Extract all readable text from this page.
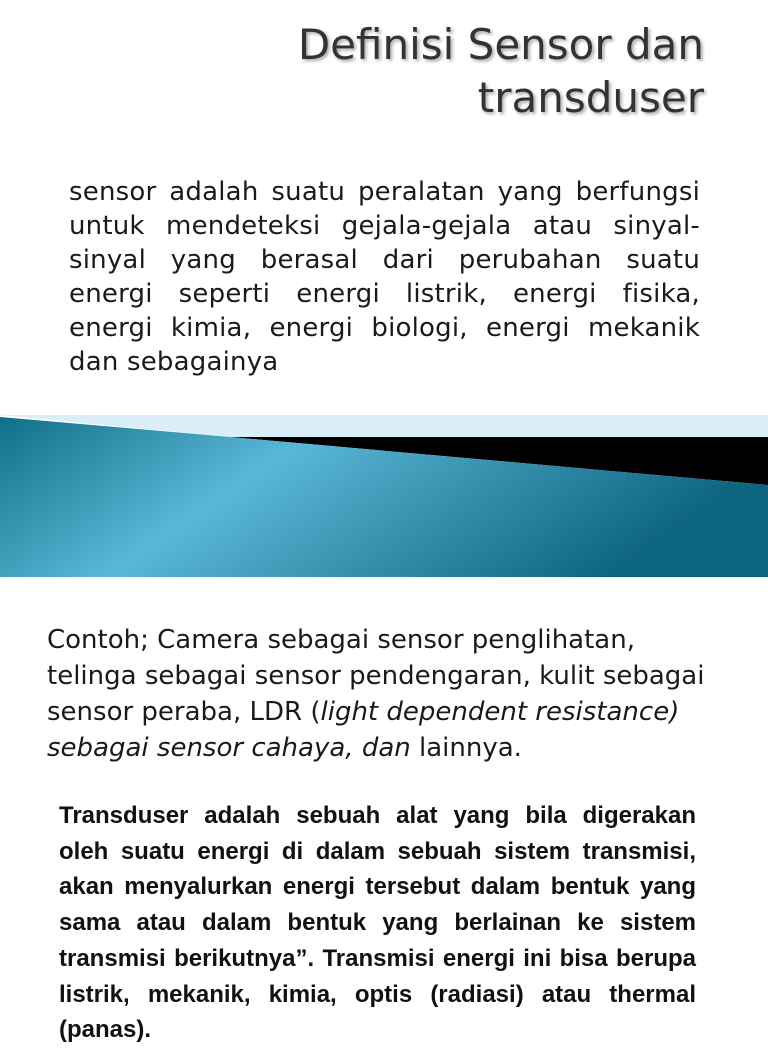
Definisi Sensor dan
transduser

sensor adalah suatu peralatan yang berfungsi untuk mendeteksi gejala-gejala atau sinyal-sinyal yang berasal dari perubahan suatu energi seperti energi listrik, energi fisika, energi kimia, energi biologi, energi mekanik dan sebagainya

Contoh; Camera sebagai sensor penglihatan, telinga sebagai sensor pendengaran, kulit sebagai sensor peraba, LDR (light dependent resistance) sebagai sensor cahaya, dan lainnya.

Transduser adalah sebuah alat yang bila digerakan oleh suatu energi di dalam sebuah sistem transmisi, akan menyalurkan energi tersebut dalam bentuk yang sama atau dalam bentuk yang berlainan ke sistem transmisi berikutnya”. Transmisi energi ini bisa berupa listrik, mekanik, kimia, optis (radiasi) atau thermal (panas).
